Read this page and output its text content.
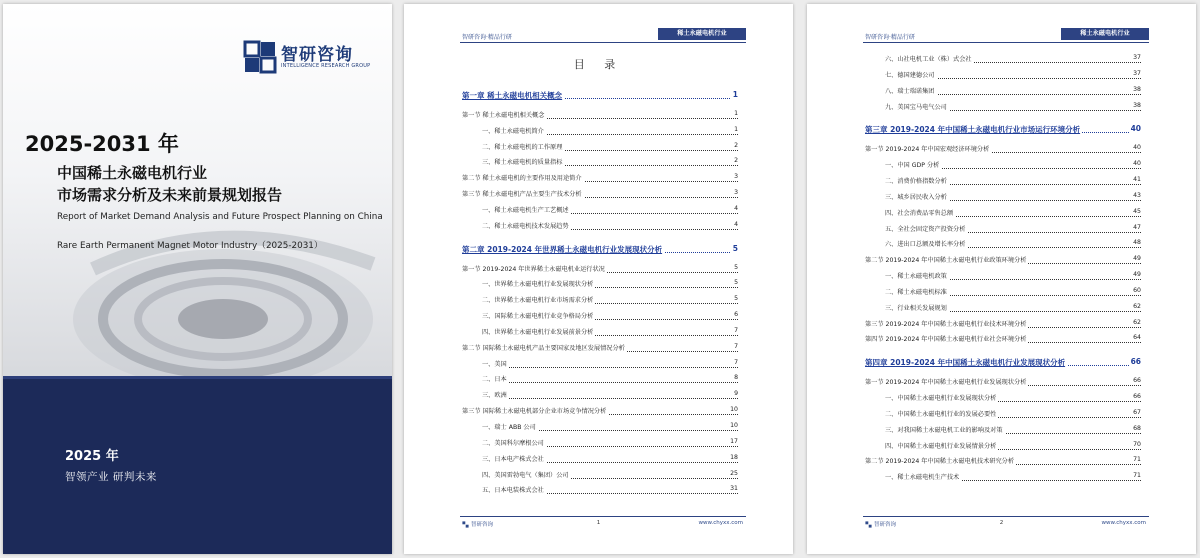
智研咨询
INTELLIGENCE RESEARCH GROUP
2025-2031 年
中国稀土永磁电机行业
市场需求分析及未来前景规划报告
Report of Market Demand Analysis and Future Prospect Planning on China
Rare Earth Permanent Magnet Motor Industry（2025-2031）
2025 年
智领产业 研判未来
智研咨询·精品行研
稀土永磁电机行业
目 录
第一章 稀土永磁电机相关概念	1
第一节 稀土永磁电机相关概念	1
一、稀土永磁电机简介	1
二、稀土永磁电机的工作原理	2
三、稀土永磁电机的质量指标	2
第二节 稀土永磁电机的主要作用及用途简介	3
第三节 稀土永磁电机产品主要生产技术分析	3
一、稀土永磁电机生产工艺概述	4
二、稀土永磁电机技术发展趋势	4
第二章 2019-2024 年世界稀土永磁电机行业发展现状分析	5
第一节 2019-2024 年世界稀土永磁电机业运行状况	5
一、世界稀土永磁电机行业发展现状分析	5
二、世界稀土永磁电机行业市场需求分析	5
三、国际稀土永磁电机行业竞争格局分析	6
四、世界稀土永磁电机行业发展前景分析	7
第二节 国际稀土永磁电机产品主要国家及地区发展情况分析	7
一、美国	7
二、日本	8
三、欧洲	9
第三节 国际稀土永磁电机部分企业市场竞争情况分析	10
一、瑞士 ABB 公司	10
二、美国科尔摩根公司	17
三、日本电产株式会社	18
四、美国雷勃电气（集团）公司	25
五、日本电装株式会社	31
智研咨询	1	www.chyxx.com
智研咨询·精品行研
稀土永磁电机行业
六、山社电机工业（株）式会社	37
七、德国建德公司	37
八、瑞士瑞诺集团	38
九、美国宝马电气公司	38
第三章 2019-2024 年中国稀土永磁电机行业市场运行环境分析	40
第一节 2019-2024 年中国宏观经济环境分析	40
一、中国 GDP 分析	40
二、消费价格指数分析	41
三、城乡居民收入分析	43
四、社会消费品零售总额	45
五、全社会固定资产投资分析	47
六、进出口总额及增长率分析	48
第二节 2019-2024 年中国稀土永磁电机行业政策环境分析	49
一、稀土永磁电机政策	49
二、稀土永磁电机标准	60
三、行业相关发展规划	62
第三节 2019-2024 年中国稀土永磁电机行业技术环境分析	62
第四节 2019-2024 年中国稀土永磁电机行业社会环境分析	64
第四章 2019-2024 年中国稀土永磁电机行业发展现状分析	66
第一节 2019-2024 年中国稀土永磁电机行业发展现状分析	66
一、中国稀土永磁电机行业发展现状分析	66
二、中国稀土永磁电机行业的发展必要性	67
三、对我国稀土永磁电机工业的影响及对策	68
四、中国稀土永磁电机行业发展情景分析	70
第二节 2019-2024 年中国稀土永磁电机技术研究分析	71
一、稀土永磁电机生产技术	71
智研咨询	2	www.chyxx.com
